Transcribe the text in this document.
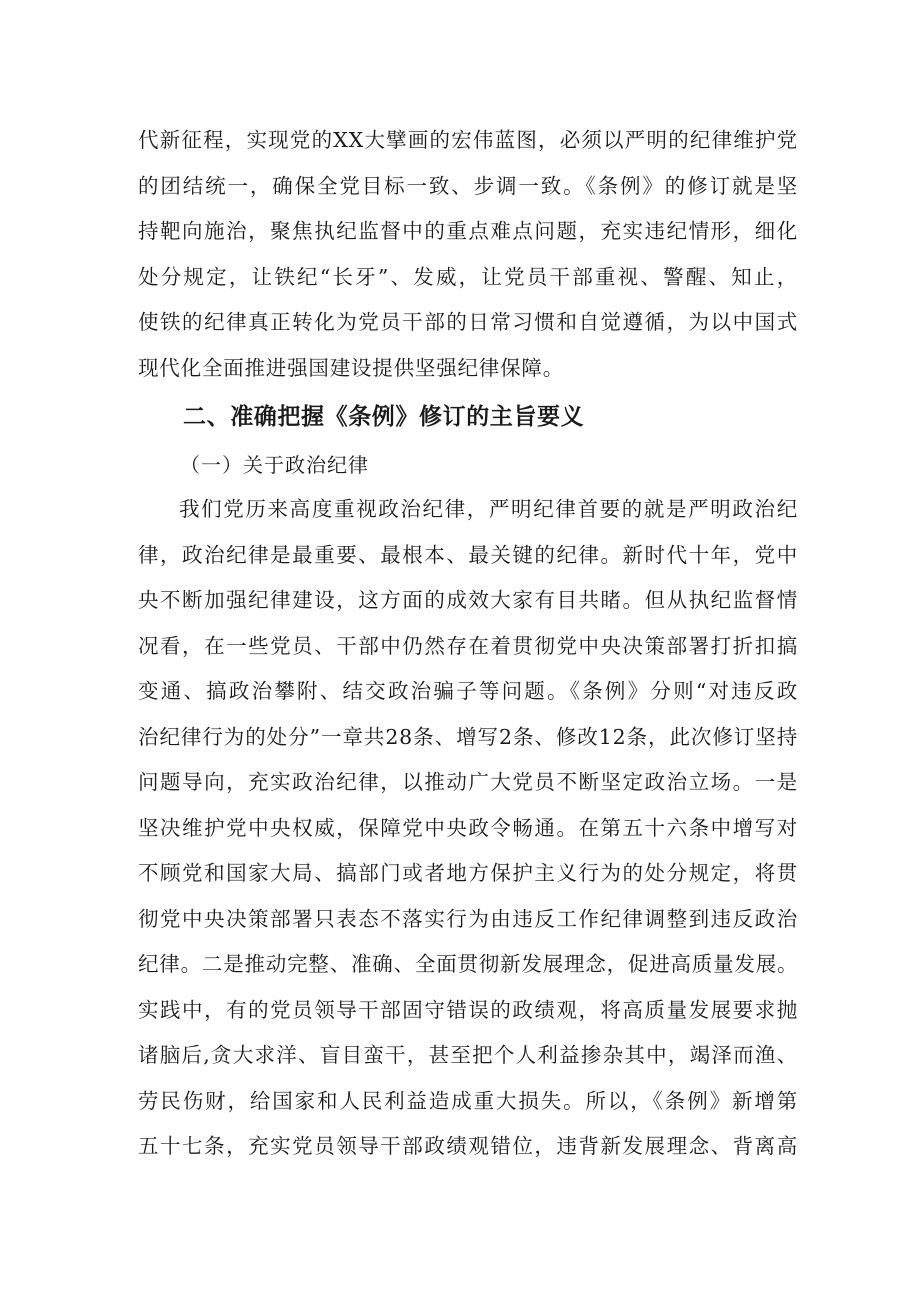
代新征程，实现党的XX大擘画的宏伟蓝图，必须以严明的纪律维护党
的团结统一，确保全党目标一致、步调一致。《条例》的修订就是坚
持靶向施治，聚焦执纪监督中的重点难点问题，充实违纪情形，细化
处分规定，让铁纪“长牙”、发威，让党员干部重视、警醒、知止，
使铁的纪律真正转化为党员干部的日常习惯和自觉遵循，为以中国式
现代化全面推进强国建设提供坚强纪律保障。
二、准确把握《条例》修订的主旨要义
（一）关于政治纪律
我们党历来高度重视政治纪律，严明纪律首要的就是严明政治纪
律，政治纪律是最重要、最根本、最关键的纪律。新时代十年，党中
央不断加强纪律建设，这方面的成效大家有目共睹。但从执纪监督情
况看，在一些党员、干部中仍然存在着贯彻党中央决策部署打折扣搞
变通、搞政治攀附、结交政治骗子等问题。《条例》分则“对违反政
治纪律行为的处分”一章共28条、增写2条、修改12条，此次修订坚持
问题导向，充实政治纪律，以推动广大党员不断坚定政治立场。一是
坚决维护党中央权威，保障党中央政令畅通。在第五十六条中增写对
不顾党和国家大局、搞部门或者地方保护主义行为的处分规定，将贯
彻党中央决策部署只表态不落实行为由违反工作纪律调整到违反政治
纪律。二是推动完整、准确、全面贯彻新发展理念，促进高质量发展。
实践中，有的党员领导干部固守错误的政绩观，将高质量发展要求抛
诸脑后,贪大求洋、盲目蛮干，甚至把个人利益掺杂其中，竭泽而渔、
劳民伤财，给国家和人民利益造成重大损失。所以，《条例》新增第
五十七条，充实党员领导干部政绩观错位，违背新发展理念、背离高
